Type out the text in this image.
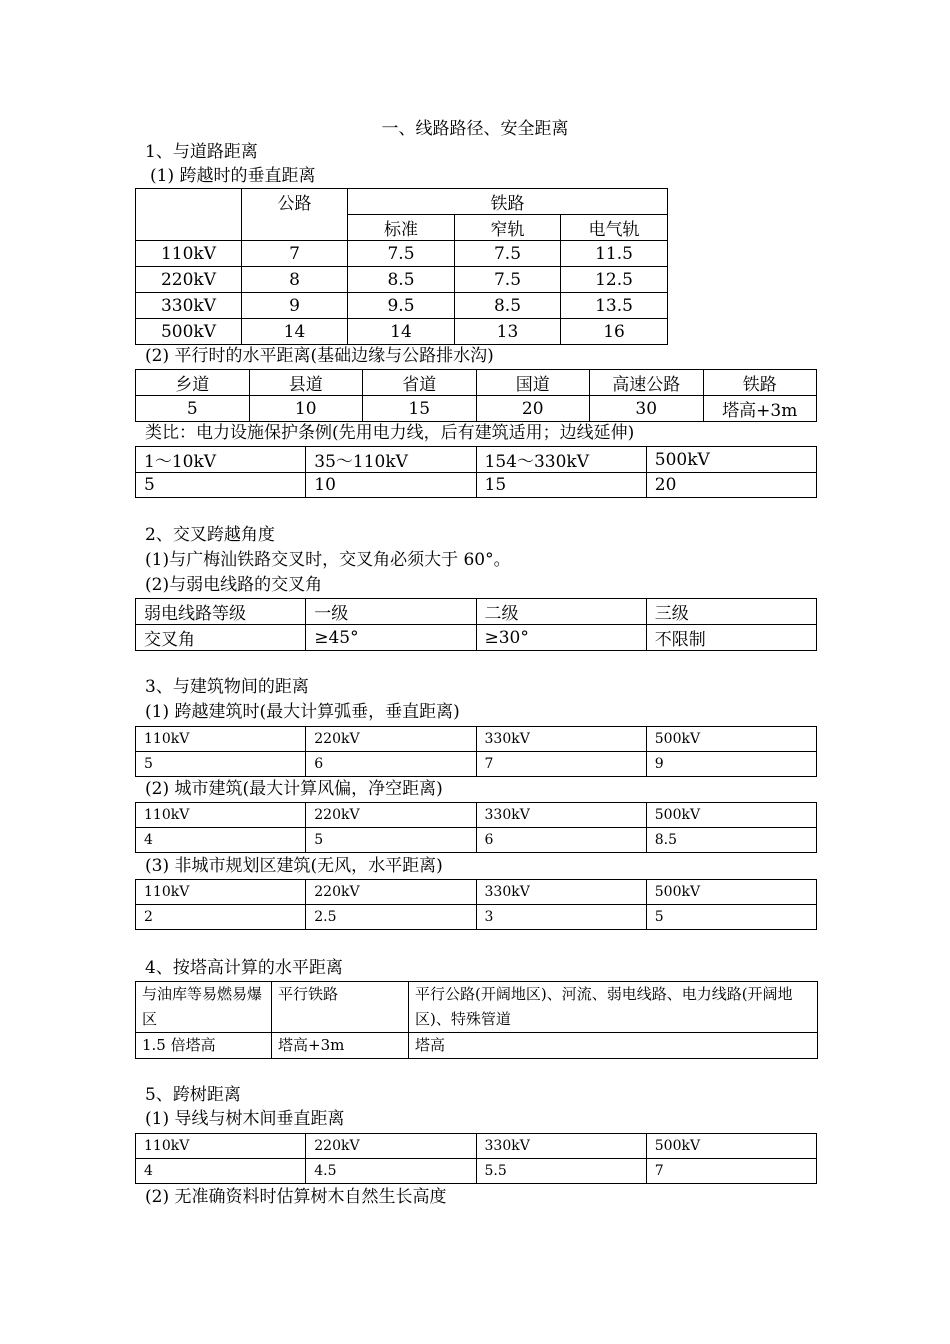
一、线路路径、安全距离
1、与道路距离
(1) 跨越时的垂直距离
	公路	铁路		
		标准	窄轨	电气轨
110kV	7	7.5	7.5	11.5
220kV	8	8.5	7.5	12.5
330kV	9	9.5	8.5	13.5
500kV	14	14	13	16
(2) 平行时的水平距离(基础边缘与公路排水沟)
乡道	县道	省道	国道	高速公路	铁路
5	10	15	20	30	塔高+3m
类比：电力设施保护条例(先用电力线，后有建筑适用；边线延伸)
1～10kV	35～110kV	154～330kV	500kV
5	10	15	20
2、交叉跨越角度
(1)与广梅汕铁路交叉时，交叉角必须大于 60°。
(2)与弱电线路的交叉角
弱电线路等级	一级	二级	三级
交叉角	≥45°	≥30°	不限制
3、与建筑物间的距离
(1) 跨越建筑时(最大计算弧垂，垂直距离)
110kV	220kV	330kV	500kV
5	6	7	9
(2) 城市建筑(最大计算风偏，净空距离)
110kV	220kV	330kV	500kV
4	5	6	8.5
(3) 非城市规划区建筑(无风，水平距离)
110kV	220kV	330kV	500kV
2	2.5	3	5
4、按塔高计算的水平距离
与油库等易燃易爆区	平行铁路	平行公路(开阔地区)、河流、弱电线路、电力线路(开阔地区)、特殊管道
1.5 倍塔高	塔高+3m	塔高
5、跨树距离
(1) 导线与树木间垂直距离
110kV	220kV	330kV	500kV
4	4.5	5.5	7
(2) 无准确资料时估算树木自然生长高度
